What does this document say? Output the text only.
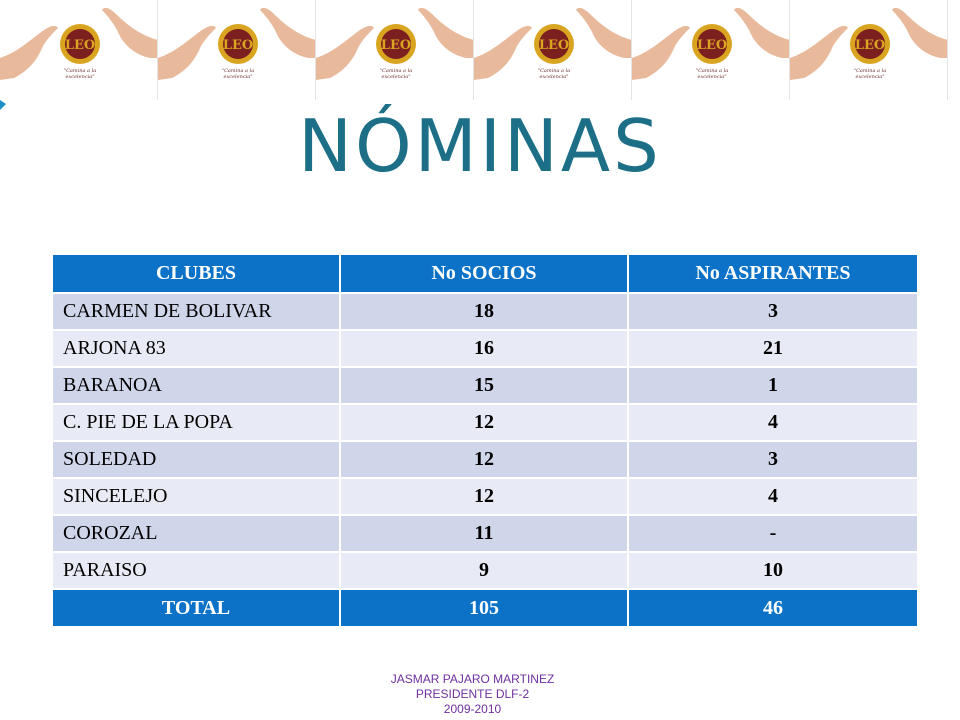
LEO
"Camina a la excelencia"
LEO
"Camina a la excelencia"
LEO
"Camina a la excelencia"
LEO
"Camina a la excelencia"
LEO
"Camina a la excelencia"
LEO
"Camina a la excelencia"
NÓMINAS
CLUBES	No SOCIOS	No ASPIRANTES
CARMEN DE BOLIVAR	18	3
ARJONA 83	16	21
BARANOA	15	1
C. PIE DE LA POPA	12	4
SOLEDAD	12	3
SINCELEJO	12	4
COROZAL	11	-
PARAISO	9	10
TOTAL	105	46
JASMAR PAJARO MARTINEZ
PRESIDENTE DLF-2
2009-2010
